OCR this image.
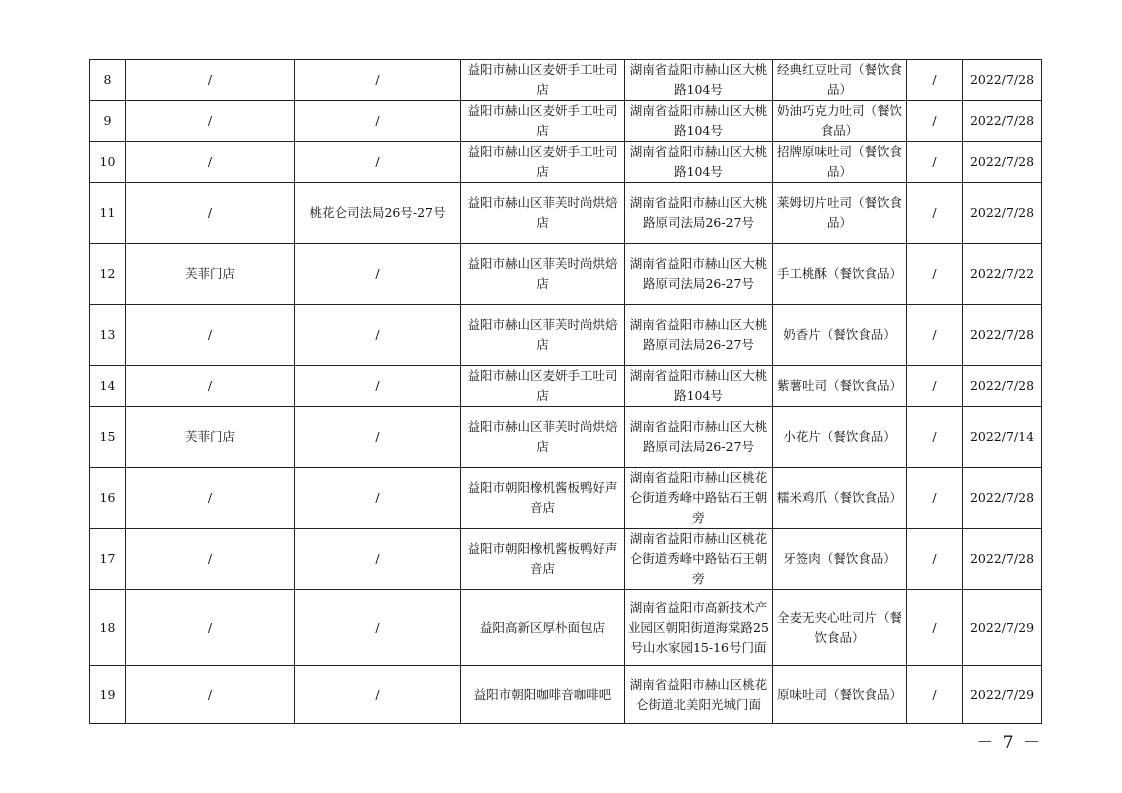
8	/	/	益阳市赫山区麦妍手工吐司店	湖南省益阳市赫山区大桃路104号	经典红豆吐司（餐饮食品）	/	2022/7/28
9	/	/	益阳市赫山区麦妍手工吐司店	湖南省益阳市赫山区大桃路104号	奶油巧克力吐司（餐饮食品）	/	2022/7/28
10	/	/	益阳市赫山区麦妍手工吐司店	湖南省益阳市赫山区大桃路104号	招牌原味吐司（餐饮食品）	/	2022/7/28
11	/	桃花仑司法局26号-27号	益阳市赫山区菲芙时尚烘焙店	湖南省益阳市赫山区大桃路原司法局26-27号	莱姆切片吐司（餐饮食品）	/	2022/7/28
12	芙菲门店	/	益阳市赫山区菲芙时尚烘焙店	湖南省益阳市赫山区大桃路原司法局26-27号	手工桃酥（餐饮食品）	/	2022/7/22
13	/	/	益阳市赫山区菲芙时尚烘焙店	湖南省益阳市赫山区大桃路原司法局26-27号	奶香片（餐饮食品）	/	2022/7/28
14	/	/	益阳市赫山区麦妍手工吐司店	湖南省益阳市赫山区大桃路104号	紫薯吐司（餐饮食品）	/	2022/7/28
15	芙菲门店	/	益阳市赫山区菲芙时尚烘焙店	湖南省益阳市赫山区大桃路原司法局26-27号	小花片（餐饮食品）	/	2022/7/14
16	/	/	益阳市朝阳橡机酱板鸭好声音店	湖南省益阳市赫山区桃花仑街道秀峰中路钻石王朝旁	糯米鸡爪（餐饮食品）	/	2022/7/28
17	/	/	益阳市朝阳橡机酱板鸭好声音店	湖南省益阳市赫山区桃花仑街道秀峰中路钻石王朝旁	牙签肉（餐饮食品）	/	2022/7/28
18	/	/	益阳高新区厚朴面包店	湖南省益阳市高新技术产业园区朝阳街道海棠路25号山水家园15-16号门面	全麦无夹心吐司片（餐饮食品）	/	2022/7/29
19	/	/	益阳市朝阳咖啡音咖啡吧	湖南省益阳市赫山区桃花仑街道北美阳光城门面	原味吐司（餐饮食品）	/	2022/7/29
－ 7 －
